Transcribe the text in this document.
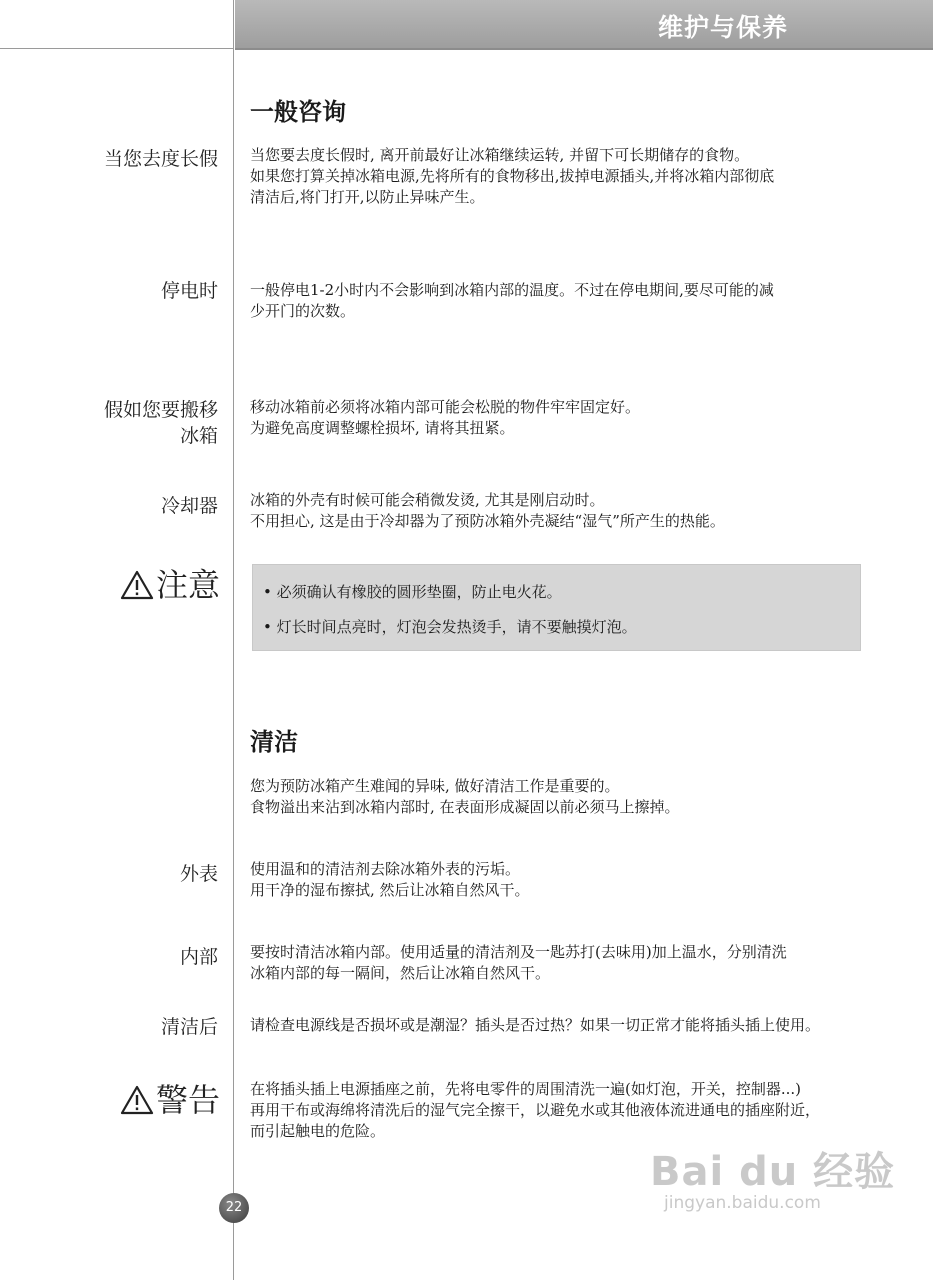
维护与保养
一般咨询
当您去度长假 当您要去度长假时, 离开前最好让冰箱继续运转, 并留下可长期储存的食物。
如果您打算关掉冰箱电源,先将所有的食物移出,拔掉电源插头,并将冰箱内部彻底
清洁后,将门打开,以防止异味产生。
停电时 一般停电1-2小时内不会影响到冰箱内部的温度。不过在停电期间,要尽可能的减
少开门的次数。
假如您要搬移
冰箱
移动冰箱前必须将冰箱内部可能会松脱的物件牢牢固定好。
为避免高度调整螺栓损坏, 请将其扭紧。
冷却器 冰箱的外壳有时候可能会稍微发烫, 尤其是刚启动时。
不用担心, 这是由于冷却器为了预防冰箱外壳凝结“湿气”所产生的热能。
注意	• 必须确认有橡胶的圆形垫圈，防止电火花。
• 灯长时间点亮时，灯泡会发热烫手，请不要触摸灯泡。
清洁
您为预防冰箱产生难闻的异味, 做好清洁工作是重要的。
食物溢出来沾到冰箱内部时, 在表面形成凝固以前必须马上擦掉。
外表 使用温和的清洁剂去除冰箱外表的污垢。
用干净的湿布擦拭, 然后让冰箱自然风干。
内部 要按时清洁冰箱内部。使用适量的清洁剂及一匙苏打(去味用)加上温水，分别清洗
冰箱内部的每一隔间，然后让冰箱自然风干。
清洁后 请检查电源线是否损坏或是潮湿？插头是否过热？如果一切正常才能将插头插上使用。
警告 在将插头插上电源插座之前，先将电零件的周围清洗一遍(如灯泡，开关，控制器...)
再用干布或海绵将清洗后的湿气完全擦干，以避免水或其他液体流进通电的插座附近，
而引起触电的危险。
22
Bai du 经验
jingyan.baidu.com
